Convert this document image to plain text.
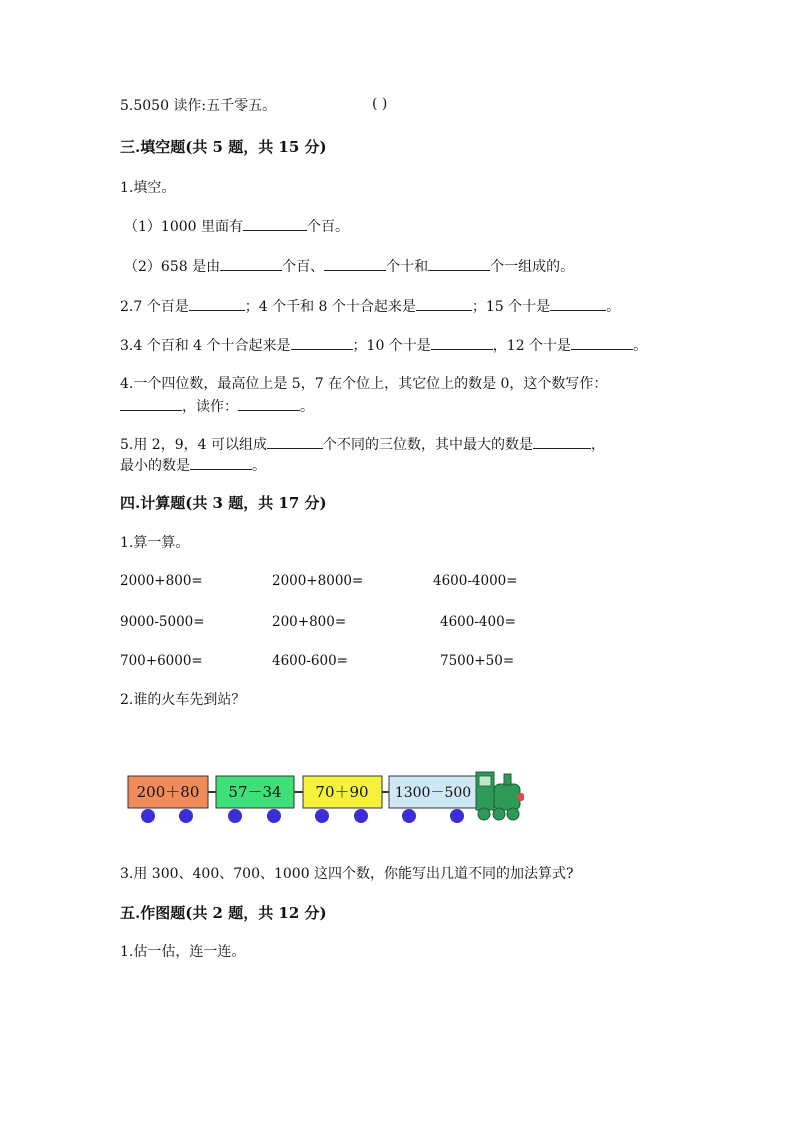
5.5050 读作:五千零五。	( )
三.填空题(共 5 题，共 15 分)
1.填空。
（1）1000 里面有	个百。
（2）658 是由	个百、	个十和	个一组成的。
2.7 个百是	；4 个千和 8 个十合起来是	；15 个十是	。
3.4 个百和 4 个十合起来是	；10 个十是	，12 个十是	。
4.一个四位数，最高位上是 5，7 在个位上，其它位上的数是 0，这个数写作：
，读作：	。
5.用 2，9，4 可以组成	个不同的三位数，其中最大的数是	，
最小的数是	。
四.计算题(共 3 题，共 17 分)
1.算一算。
2000+800=	2000+8000=	4600-4000=
9000-5000=	200+800=	4600-400=
700+6000=	4600-600=	7500+50=
2.谁的火车先到站？
200＋80 57－34 70＋90 1300－500
3.用 300、400、700、1000 这四个数，你能写出几道不同的加法算式?
五.作图题(共 2 题，共 12 分)
1.估一估，连一连。
